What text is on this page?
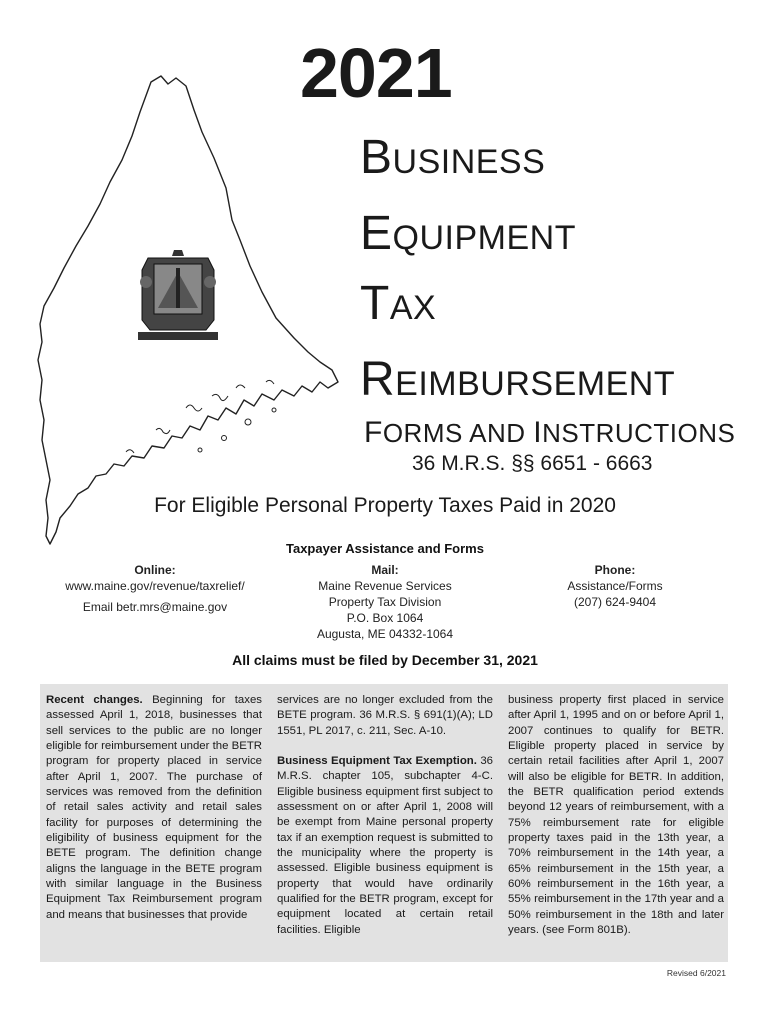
2021
BUSINESS
EQUIPMENT
TAX
REIMBURSEMENT
FORMS AND INSTRUCTIONS
36 M.R.S. §§ 6651 - 6663
For Eligible Personal Property Taxes Paid in 2020
Taxpayer Assistance and Forms
Online:
www.maine.gov/revenue/taxrelief/
Email betr.mrs@maine.gov
Mail:
Maine Revenue Services
Property Tax Division
P.O. Box 1064
Augusta, ME 04332-1064
Phone:
Assistance/Forms
(207) 624-9404
All claims must be filed by December 31, 2021

Recent changes. Beginning for taxes assessed April 1, 2018, businesses that sell services to the public are no longer eligible for reimbursement under the BETR program for property placed in service after April 1, 2007. The purchase of services was removed from the definition of retail sales activity and retail sales facility for purposes of determining the eligibility of business equipment for the BETE program. The definition change aligns the language in the BETE program with similar language in the Business Equipment Tax Reimbursement program and means that businesses that provide

services are no longer excluded from the BETE program. 36 M.R.S. § 691(1)(A); LD 1551, PL 2017, c. 211, Sec. A-10.

Business Equipment Tax Exemption. 36 M.R.S. chapter 105, subchapter 4-C. Eligible business equipment first subject to assessment on or after April 1, 2008 will be exempt from Maine personal property tax if an exemption request is submitted to the municipality where the property is assessed. Eligible business equipment is property that would have ordinarily qualified for the BETR program, except for equipment located at certain retail facilities. Eligible

business property first placed in service after April 1, 1995 and on or before April 1, 2007 continues to qualify for BETR. Eligible property placed in service by certain retail facilities after April 1, 2007 will also be eligible for BETR. In addition, the BETR qualification period extends beyond 12 years of reimbursement, with a 75% reimbursement rate for eligible property taxes paid in the 13th year, a 70% reimbursement in the 14th year, a 65% reimbursement in the 15th year, a 60% reimbursement in the 16th year, a 55% reimbursement in the 17th year and a 50% reimbursement in the 18th and later years. (see Form 801B).

Revised 6/2021
